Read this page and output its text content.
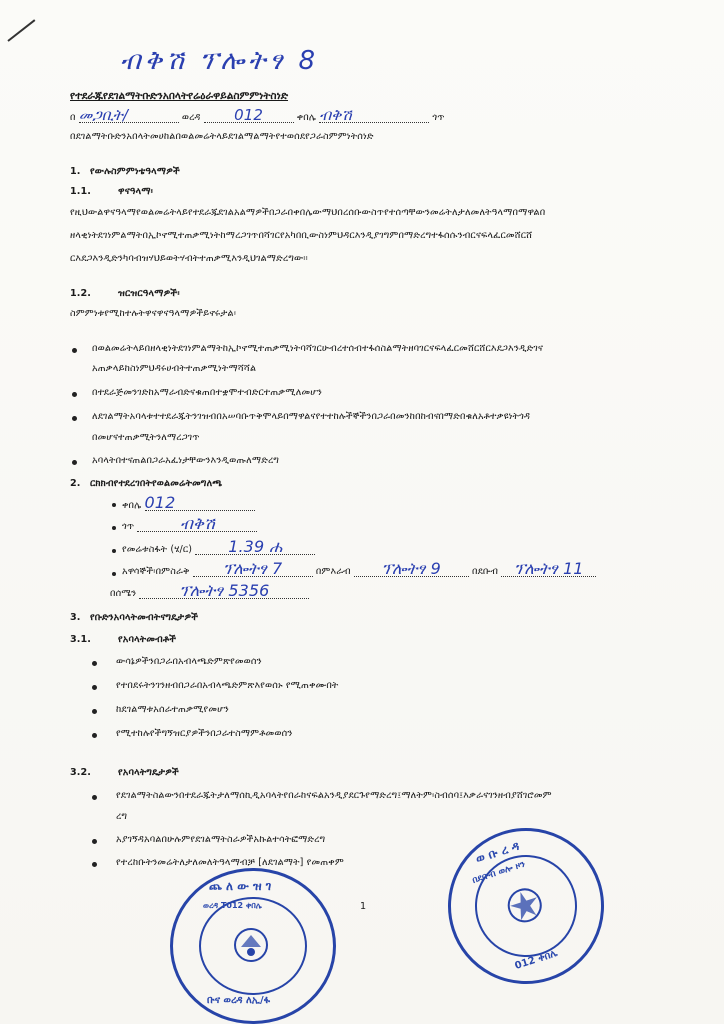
ብቅሽ ፕሎትፃ 8
የተደራጁየደገልማትቡድንአበላትየሬዕራዋይልስምምነትስነድ
በ መጋቢት/	ወረዳ 012	ቀበሌ ብቅሽ	ጎጥ
በደገልማትቡድንአበላትመሀከልበወልመሬትላይደገልማልማትየተወሰደየጋራስምምነትሰነድ
1. የውሉስምምነቴዓላማዎች
1.1.	ዋናዓላማ፡
የዚህውልዋናዓላማየወልመሬትላይየተደራጁደገልአልማዎችበጋራበቀበሌውማህበረሰቡውስጥየተሰጣቸውንመሬትለታለመለትዓላማበማዋልበ
ዘላቂነትደገነምልማትበኢኮኖሚተጠቃሚነትከማረጋገጥበሻገርየአካበቢውስነምህዳርእንዲያገግምበማድረግተፋሰሱንብርናፍላፈርመሸርሸ
ርእደጋእንዲድንካባብዝሃህይወትሃብትተጠቃሚእንዲህገልማድረግው።
1.2.	ዝርዝርዓላማዎች፡
ስምምነቱየሚከተሉትዋናዋናዓላማዎችይኖሩታል፡
በወልመሬትላይበዘላቂነትደገነምልማትከኢኮኖሚተጠቃሚነትባሻገርሁብረተሰብተፋሰስልማትዘባገርናፍላፈርመሸርሸርእደጋእንዲድገና
አጠቃላይከስነምህዳሩሀብትተጠቃሚነትማሻሻል
በተደራጅመንገድከአማራብድናቁጠበተቋሞተብድርተጠቃሚለመሆን
ለደገልማትአባላቱተተደራጁትንገዝብበአሠባቡጥቅሞላይበማዋልናየተተከሉችኞችንበጋራበመንከበከብናበማድበቁለአቶተቃዩነትጎዳ
በመሆናተጠቃሚትንለማረጋገጥ
አባላትበተናጠልበጋራአፈነታቸውንእንዲወጡለማድረግ
2. ርክክብየተደረገበትየወልመሬትመግለጫ
ቀበሌ 012
ጎጥ	ብቅሽ
የመሬቱስፋት (ሄ/ር) 1.39 ሐ
አዋሳኞች፡በምስራቅ ፕሎትፃ 7	በምእራብ ፕሎትፃ 9	በደቡብ ፕሎትፃ 11
በሰሜን	ፕሎትፃ 5356
3. የቡድንአባላትመብትናግዴታዎች
3.1.	የአባላትመብቶች
ውሳኔዎችንበጋራበአብላጫድምጽየመወሰን
የተበደሩትንገንዘብበጋራበአብላጫድምጽእየወሰኑ የሚጠቀሙበት
ከደገልማቱአሰራተጠቃሚየመሆን
የሚተከሉየችግኝዝርያዎችንበጋራተስማምቶመወሰን
3.2.	የአባላትግዴታዎች
የደገልማትስልውንበተደራጁትታለማሰኪዲአባላትየበራከናፍልአንዲያደርጉየማድረግ፤ማለትም፡ስብሰባ፤እቃራናገንዘብያሸገሮመም
ረግ
አያገኝዳአባልበሁሉምየደገልማትስራዎችአኩልተሳትፎማድረግ
የተረከቡትንመሬትለታለመለትዓላማብቻ [ለደገልማት] የመጠቀም
1
ጨ ለ ው ዝ ገ
ወረዳ T012 ቀበሌ
ቡና ወረዳ ለኢ/ፋ
ወ ቡ ረ ዳ
በደቡብ ወሎ ዞን
012 ቀበሌ
